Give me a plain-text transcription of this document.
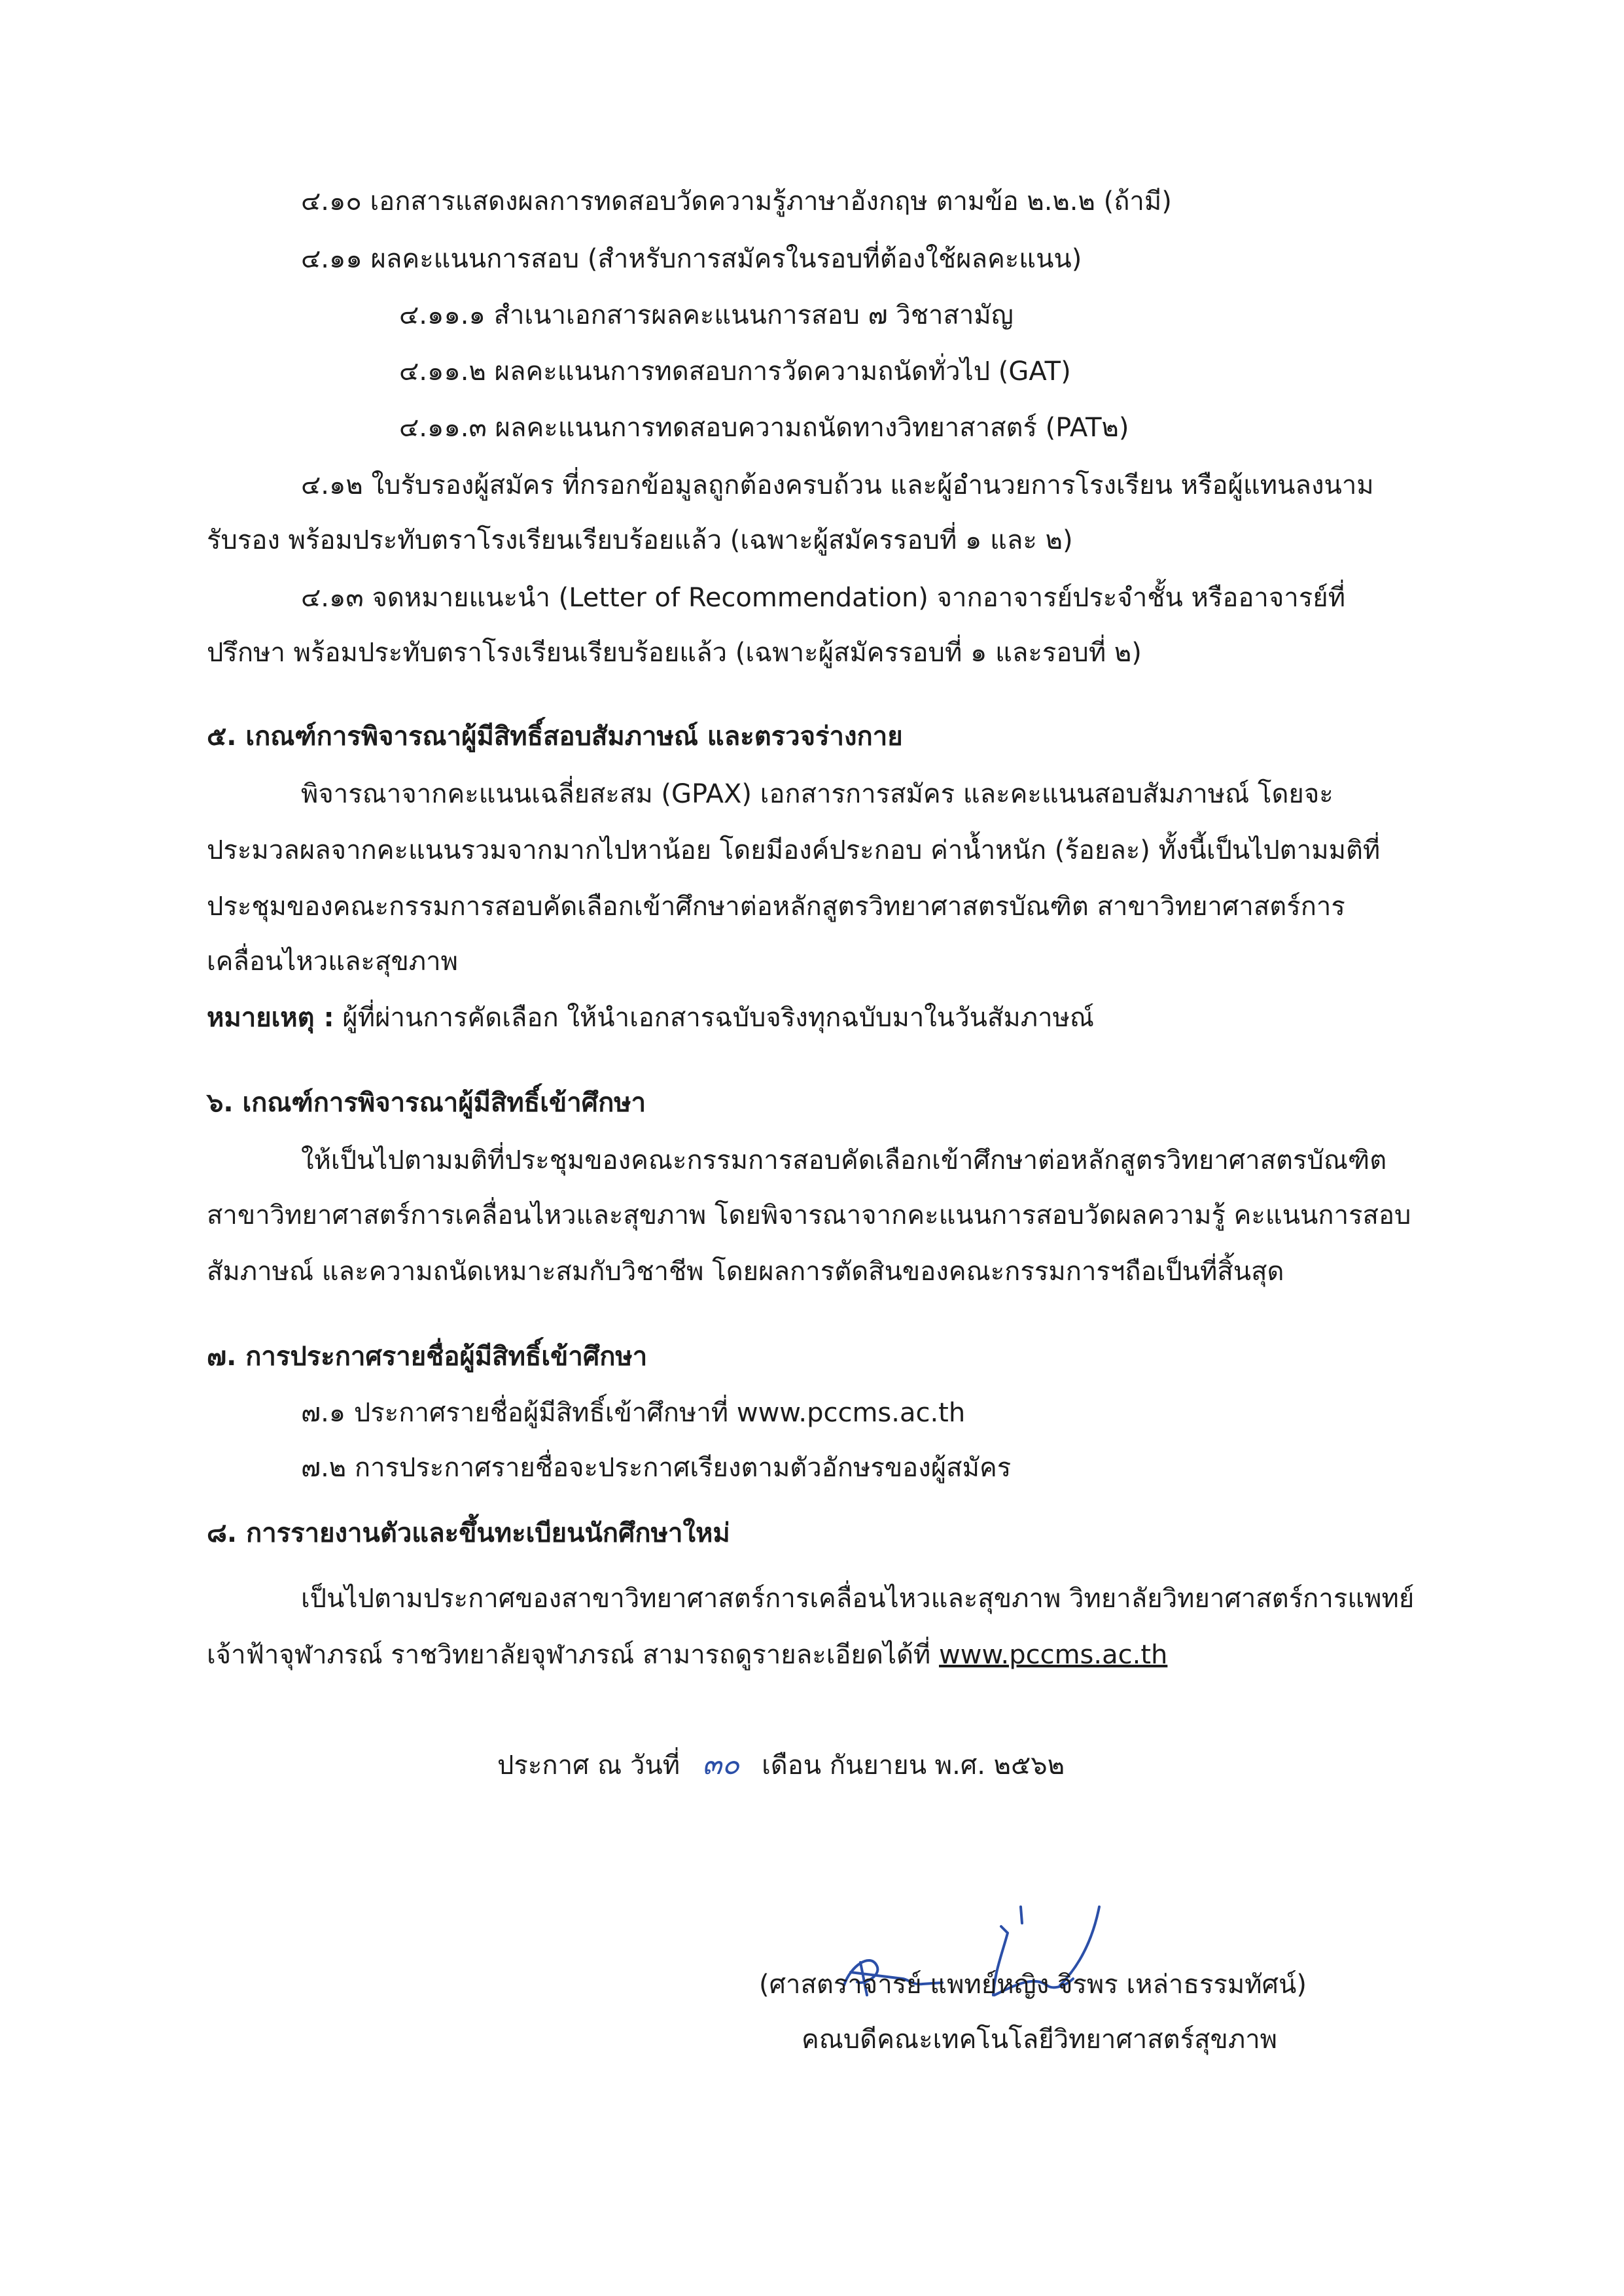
๔.๑๐ เอกสารแสดงผลการทดสอบวัดความรู้ภาษาอังกฤษ ตามข้อ ๒.๒.๒ (ถ้ามี)
๔.๑๑ ผลคะแนนการสอบ (สำหรับการสมัครในรอบที่ต้องใช้ผลคะแนน)
๔.๑๑.๑ สำเนาเอกสารผลคะแนนการสอบ ๗ วิชาสามัญ
๔.๑๑.๒ ผลคะแนนการทดสอบการวัดความถนัดทั่วไป (GAT)
๔.๑๑.๓ ผลคะแนนการทดสอบความถนัดทางวิทยาสาสตร์ (PAT๒)
๔.๑๒ ใบรับรองผู้สมัคร ที่กรอกข้อมูลถูกต้องครบถ้วน และผู้อำนวยการโรงเรียน หรือผู้แทนลงนาม
รับรอง พร้อมประทับตราโรงเรียนเรียบร้อยแล้ว (เฉพาะผู้สมัครรอบที่ ๑ และ ๒)
๔.๑๓ จดหมายแนะนำ (Letter of Recommendation) จากอาจารย์ประจำชั้น หรืออาจารย์ที่
ปรึกษา พร้อมประทับตราโรงเรียนเรียบร้อยแล้ว (เฉพาะผู้สมัครรอบที่ ๑ และรอบที่ ๒)
๕. เกณฑ์การพิจารณาผู้มีสิทธิ์สอบสัมภาษณ์ และตรวจร่างกาย
พิจารณาจากคะแนนเฉลี่ยสะสม (GPAX) เอกสารการสมัคร และคะแนนสอบสัมภาษณ์ โดยจะ
ประมวลผลจากคะแนนรวมจากมากไปหาน้อย โดยมีองค์ประกอบ ค่าน้ำหนัก (ร้อยละ) ทั้งนี้เป็นไปตามมติที่
ประชุมของคณะกรรมการสอบคัดเลือกเข้าศึกษาต่อหลักสูตรวิทยาศาสตรบัณฑิต สาขาวิทยาศาสตร์การ
เคลื่อนไหวและสุขภาพ
หมายเหตุ : ผู้ที่ผ่านการคัดเลือก ให้นำเอกสารฉบับจริงทุกฉบับมาในวันสัมภาษณ์
๖. เกณฑ์การพิจารณาผู้มีสิทธิ์เข้าศึกษา
ให้เป็นไปตามมติที่ประชุมของคณะกรรมการสอบคัดเลือกเข้าศึกษาต่อหลักสูตรวิทยาศาสตรบัณฑิต
สาขาวิทยาศาสตร์การเคลื่อนไหวและสุขภาพ โดยพิจารณาจากคะแนนการสอบวัดผลความรู้ คะแนนการสอบ
สัมภาษณ์ และความถนัดเหมาะสมกับวิชาชีพ โดยผลการตัดสินของคณะกรรมการฯถือเป็นที่สิ้นสุด
๗. การประกาศรายชื่อผู้มีสิทธิ์เข้าศึกษา
๗.๑ ประกาศรายชื่อผู้มีสิทธิ์เข้าศึกษาที่ www.pccms.ac.th
๗.๒ การประกาศรายชื่อจะประกาศเรียงตามตัวอักษรของผู้สมัคร
๘. การรายงานตัวและขึ้นทะเบียนนักศึกษาใหม่
เป็นไปตามประกาศของสาขาวิทยาศาสตร์การเคลื่อนไหวและสุขภาพ วิทยาลัยวิทยาศาสตร์การแพทย์
เจ้าฟ้าจุฬาภรณ์ ราชวิทยาลัยจุฬาภรณ์ สามารถดูรายละเอียดได้ที่ www.pccms.ac.th
ประกาศ ณ วันที่ ๓๐ เดือน กันยายน พ.ศ. ๒๕๖๒
(ศาสตราจารย์ แพทย์หญิง จิรพร เหล่าธรรมทัศน์)
คณบดีคณะเทคโนโลยีวิทยาศาสตร์สุขภาพ
